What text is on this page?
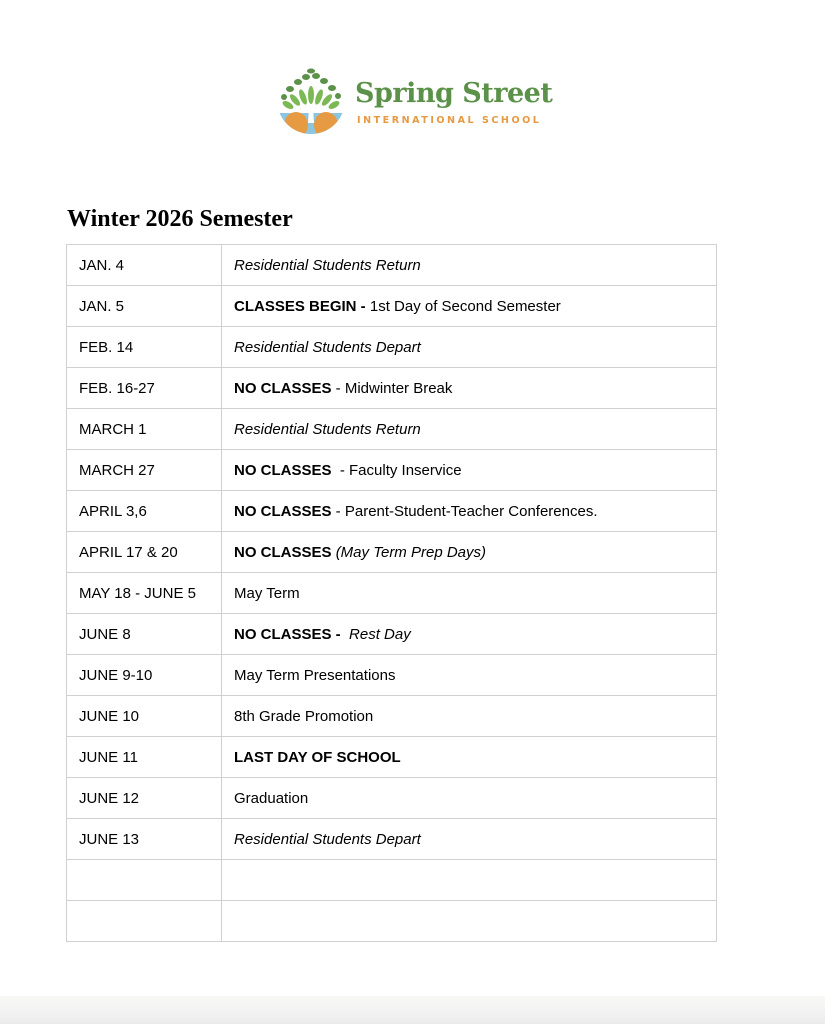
Spring Street
INTERNATIONAL SCHOOL
Winter 2026 Semester
JAN. 4	Residential Students Return
JAN. 5	CLASSES BEGIN - 1st Day of Second Semester
FEB. 14	Residential Students Depart
FEB. 16-27	NO CLASSES - Midwinter Break
MARCH 1	Residential Students Return
MARCH 27	NO CLASSES  - Faculty Inservice
APRIL 3,6	NO CLASSES - Parent-Student-Teacher Conferences.
APRIL 17 & 20	NO CLASSES (May Term Prep Days)
MAY 18 - JUNE 5	May Term
JUNE 8	NO CLASSES - Rest Day
JUNE 9-10	May Term Presentations
JUNE 10	8th Grade Promotion
JUNE 11	LAST DAY OF SCHOOL
JUNE 12	Graduation
JUNE 13	Residential Students Depart
